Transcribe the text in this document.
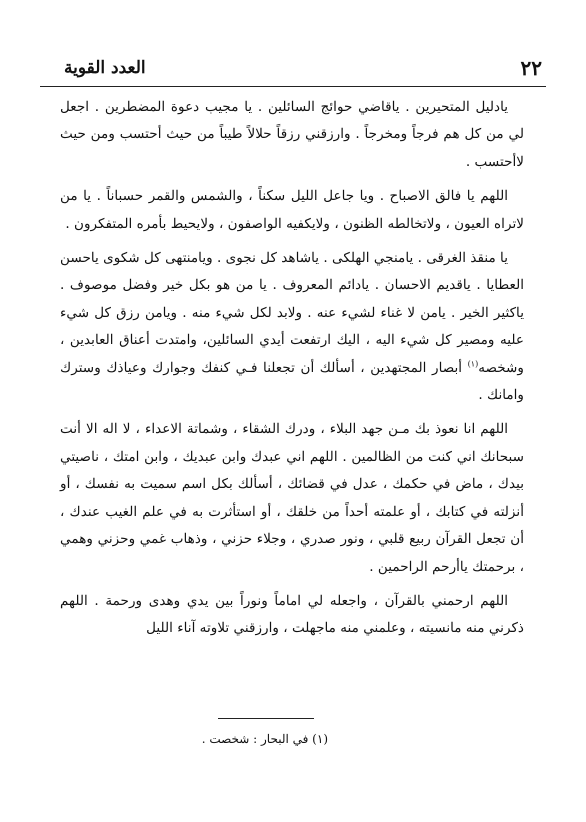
٢٢
العدد القوية

يادليل المتحيرين . ياقاضي حوائج السائلين . يا مجيب دعوة المضطرين . اجعل لي من كل هم فرجاً ومخرجاً . وارزقني رزقاً حلالاً طيباً من حيث أحتسب ومن حيث لاأحتسب .

اللهم يا فالق الاصباح . ويا جاعل الليل سكناً ، والشمس والقمر حسباناً . يا من لاتراه العيون ، ولاتخالطه الظنون ، ولايكفيه الواصفون ، ولايحيط بأمره المتفكرون .

يا منقذ الغرقى . يامنجي الهلكى . ياشاهد كل نجوى . ويامنتهى كل شكوى ياحسن العطايا . ياقديم الاحسان . يادائم المعروف . يا من هو بكل خير وفضل موصوف . ياكثير الخير . يامن لا غناء لشيء عنه . ولابد لكل شيء منه . ويامن رزق كل شيء عليه ومصير كل شيء اليه ، اليك ارتفعت أيدي السائلين، وامتدت أعناق العابدين ، وشخصه$^{(١)}$ أبصار المجتهدين ، أسألك أن تجعلنا فـي كنفك وجوارك وعياذك وسترك وامانك .

اللهم انا نعوذ بك مـن جهد البلاء ، ودرك الشقاء ، وشماتة الاعداء ، لا اله الا أنت سبحانك اني كنت من الظالمين . اللهم اني عبدك وابن عبديك ، وابن امتك ، ناصيتي بيدك ، ماض في حكمك ، عدل في قضائك ، أسألك بكل اسم سميت به نفسك ، أو أنزلته في كتابك ، أو علمته أحداً من خلقك ، أو استأثرت به في علم الغيب عندك ، أن تجعل القرآن ربيع قلبي ، ونور صدري ، وجلاء حزني ، وذهاب غمي وحزني وهمي ، برحمتك ياأرحم الراحمين .

اللهم ارحمني بالقرآن ، واجعله لي اماماً ونوراً بين يدي وهدى ورحمة . اللهم ذكرني منه مانسيته ، وعلمني منه ماجهلت ، وارزقني تلاوته آناء الليل

(١) في البحار : شخصت .
